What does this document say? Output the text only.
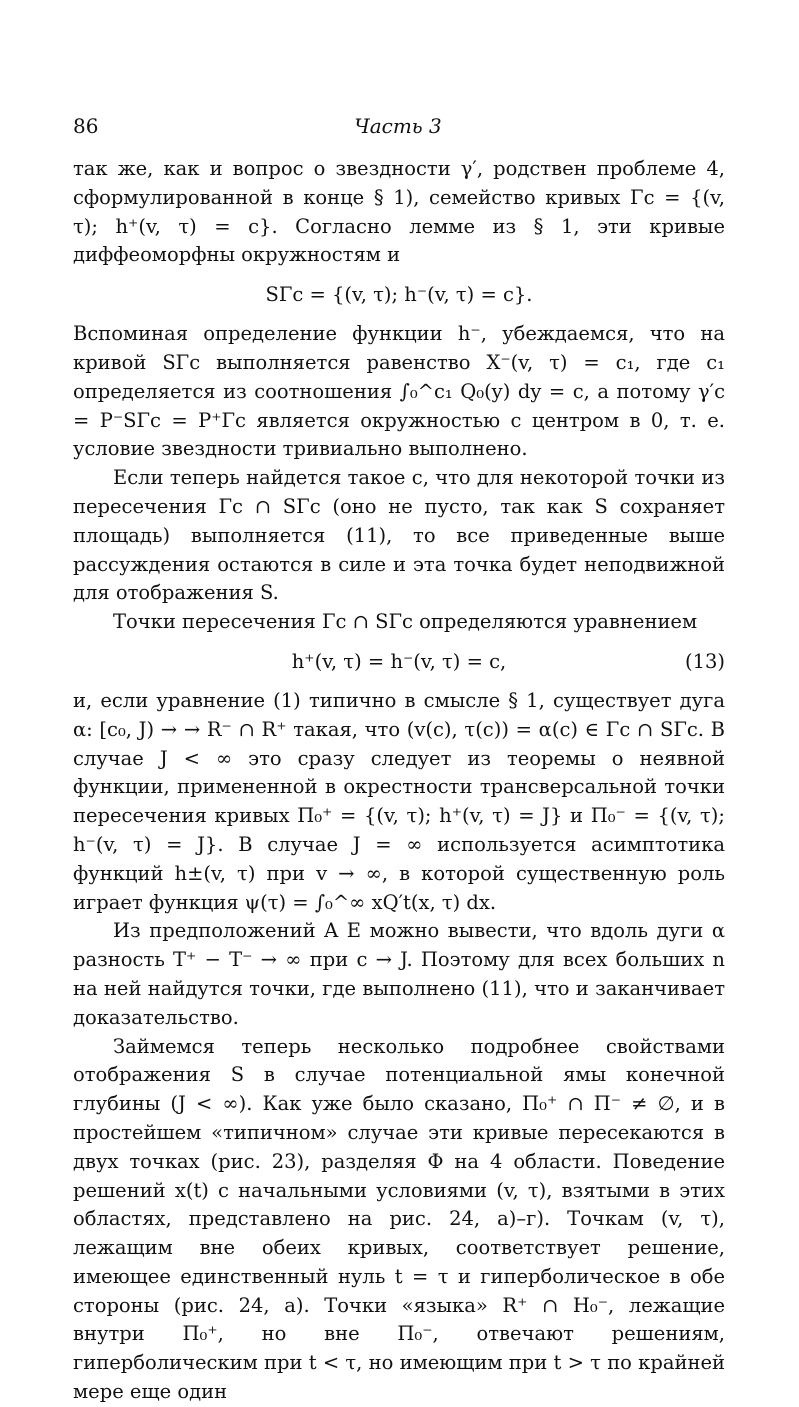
86	Часть 3

так же, как и вопрос о звездности γ′, родствен проблеме 4, сформулированной в конце § 1), семейство кривых Γc = {(v, τ); h⁺(v, τ) = c}. Согласно лемме из § 1, эти кривые диффеоморфны окружностям и

SΓc = {(v, τ); h⁻(v, τ) = c}.

Вспоминая определение функции h⁻, убеждаемся, что на кривой SΓc выполняется равенство X⁻(v, τ) = c₁, где c₁ определяется из соотношения ∫₀^c₁ Q₀(y) dy = c, а потому γ′c = P⁻SΓc = P⁺Γc является окружностью с центром в 0, т. е. условие звездности тривиально выполнено.

Если теперь найдется такое c, что для некоторой точки из пересечения Γc ∩ SΓc (оно не пусто, так как S сохраняет площадь) выполняется (11), то все приведенные выше рассуждения остаются в силе и эта точка будет неподвижной для отображения S.

Точки пересечения Γc ∩ SΓc определяются уравнением

h⁺(v, τ) = h⁻(v, τ) = c,	(13)

и, если уравнение (1) типично в смысле § 1, существует дуга α: [c₀, J) → → R⁻ ∩ R⁺ такая, что (v(c), τ(c)) = α(c) ∈ Γc ∩ SΓc. В случае J < ∞ это сразу следует из теоремы о неявной функции, примененной в окрестности трансверсальной точки пересечения кривых Π₀⁺ = {(v, τ); h⁺(v, τ) = J} и Π₀⁻ = {(v, τ); h⁻(v, τ) = J}. В случае J = ∞ используется асимптотика функций h±(v, τ) при v → ∞, в которой существенную роль играет функция ψ(τ) = ∫₀^∞ xQ′t(x, τ) dx.

Из предположений A E можно вывести, что вдоль дуги α разность T⁺ − T⁻ → ∞ при c → J. Поэтому для всех больших n на ней найдутся точки, где выполнено (11), что и заканчивает доказательство.

Займемся теперь несколько подробнее свойствами отображения S в случае потенциальной ямы конечной глубины (J < ∞). Как уже было сказано, Π₀⁺ ∩ Π⁻ ≠ ∅, и в простейшем «типичном» случае эти кривые пересекаются в двух точках (рис. 23), разделяя Φ на 4 области. Поведение решений x(t) с начальными условиями (v, τ), взятыми в этих областях, представлено на рис. 24, а)–г). Точкам (v, τ), лежащим вне обеих кривых, соответствует решение, имеющее единственный нуль t = τ и гиперболическое в обе стороны (рис. 24, а). Точки «языка» R⁺ ∩ H₀⁻, лежащие внутри Π₀⁺, но вне Π₀⁻, отвечают решениям, гиперболическим при t < τ, но имеющим при t > τ по крайней мере еще один
